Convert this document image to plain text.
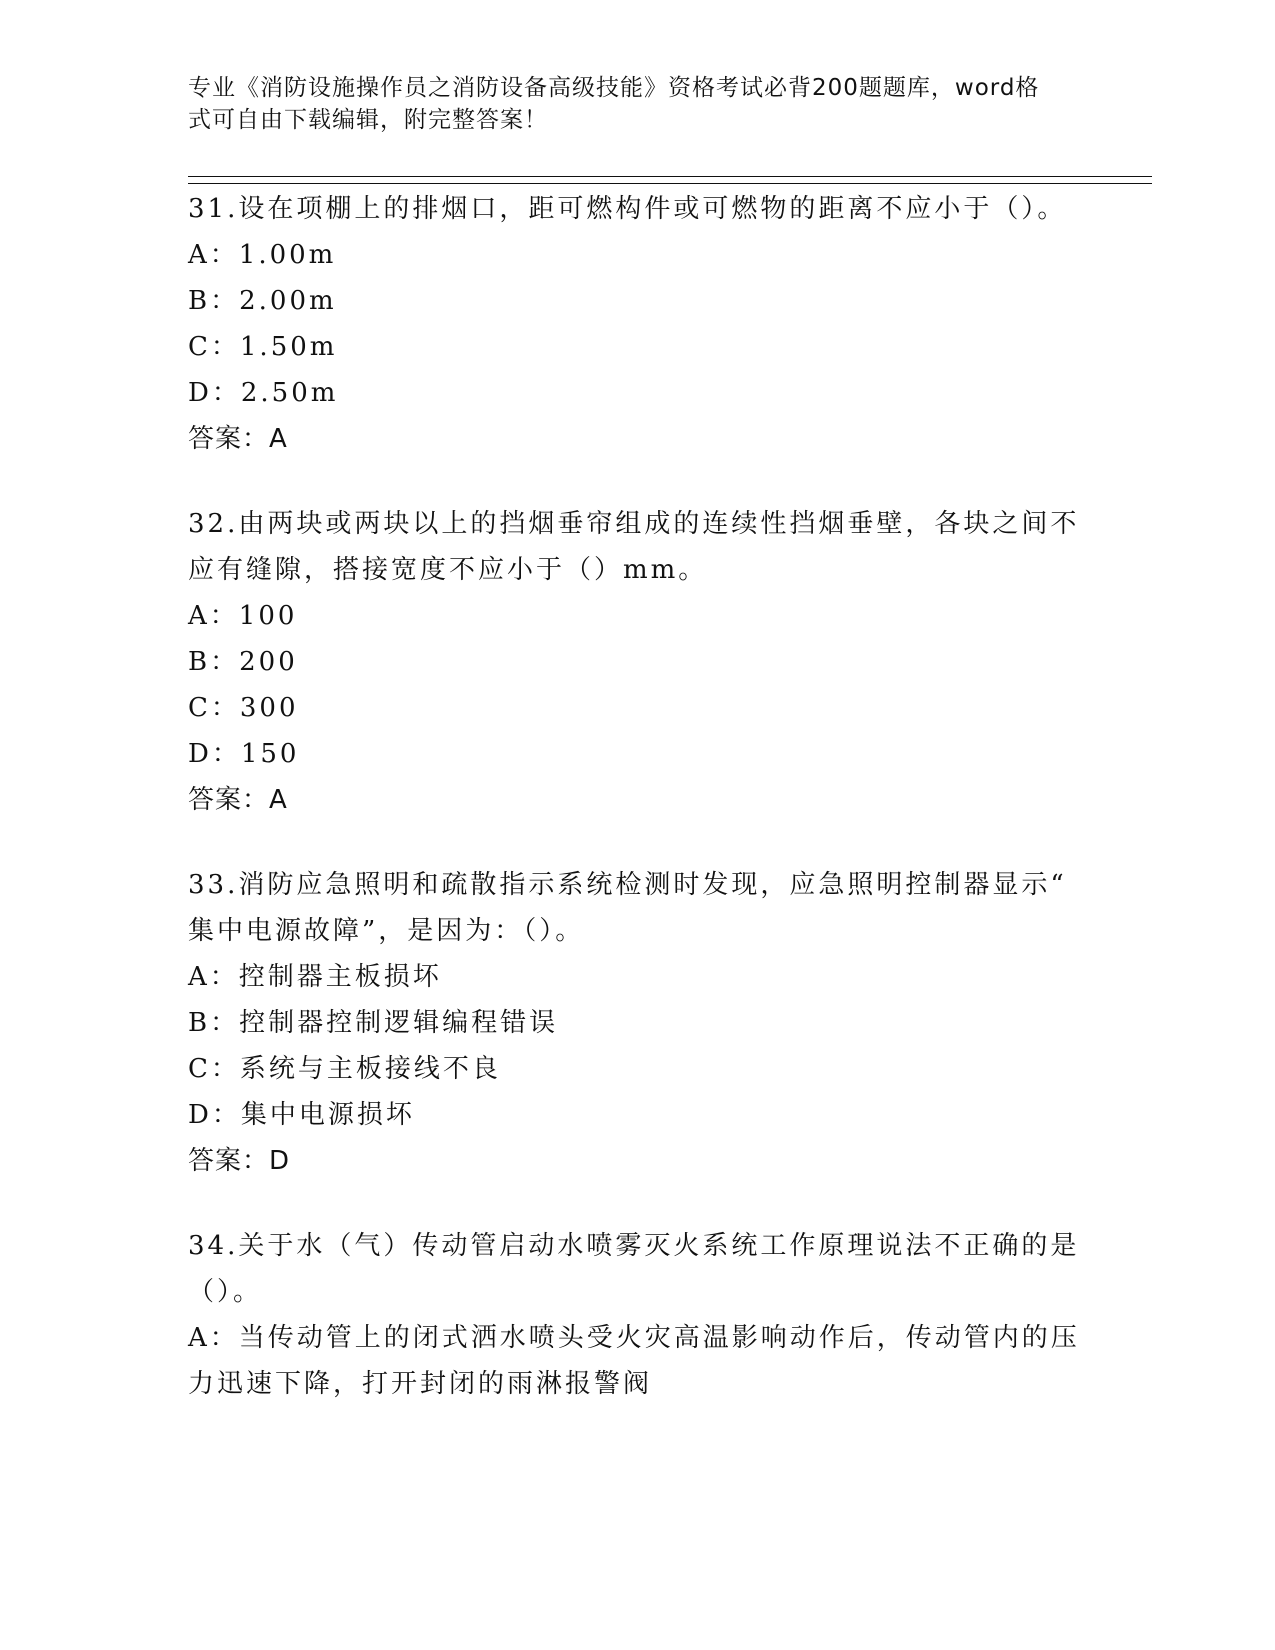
专业《消防设施操作员之消防设备高级技能》资格考试必背200题题库，word格
式可自由下载编辑，附完整答案！
31.设在项棚上的排烟口，距可燃构件或可燃物的距离不应小于（）。
A：1.00m
B：2.00m
C：1.50m
D：2.50m
答案：A
32.由两块或两块以上的挡烟垂帘组成的连续性挡烟垂壁，各块之间不
应有缝隙，搭接宽度不应小于（）mm。
A：100
B：200
C：300
D：150
答案：A
33.消防应急照明和疏散指示系统检测时发现，应急照明控制器显示“
集中电源故障”，是因为：（）。
A：控制器主板损坏
B：控制器控制逻辑编程错误
C：系统与主板接线不良
D：集中电源损坏
答案：D
34.关于水（气）传动管启动水喷雾灭火系统工作原理说法不正确的是
（）。
A：当传动管上的闭式洒水喷头受火灾高温影响动作后，传动管内的压
力迅速下降，打开封闭的雨淋报警阀
